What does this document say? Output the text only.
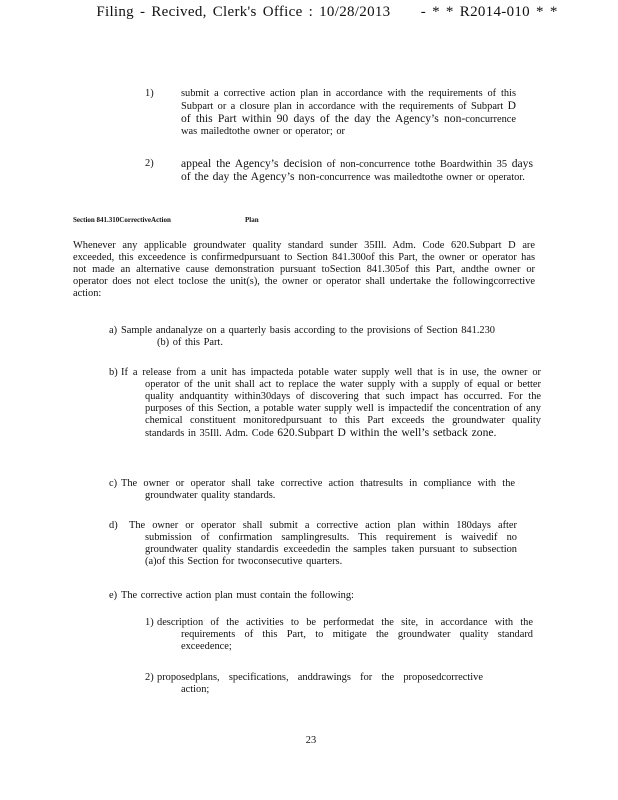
Filing - Recived, Clerk's Office : 10/28/2013 - * * R2014-010 * *
1)	submit a corrective action plan in accordance with the requirements of this Subpart or a closure plan in accordance with the requirements of Subpart D of this Part within 90 days of the day the Agency’s non-concurrence was mailedtothe owner or operator; or
2) appeal the Agency’s decision of non-concurrence tothe Boardwithin 35 days of the day the Agency’s non-concurrence was mailedtothe owner or operator.
Section 841.310CorrectiveAction	Plan
Whenever any applicable groundwater quality standard sunder 35Ill. Adm. Code 620.Subpart D are exceeded, this exceedence is confirmedpursuant to Section 841.300of this Part, the owner or operator has not made an alternative cause demonstration pursuant toSection 841.305of this Part, andthe owner or operator does not elect toclose the unit(s), the owner or operator shall undertake the followingcorrective action:
a) Sample andanalyze on a quarterly basis according to the provisions of Section 841.230 (b) of this Part.
b) If a release from a unit has impacteda potable water supply well that is in use, the owner or operator of the unit shall act to replace the water supply with a supply of equal or better quality andquantity within30days of discovering that such impact has occurred. For the purposes of this Section, a potable water supply well is impactedif the concentration of any chemical constituent monitoredpursuant to this Part exceeds the groundwater quality standards in 35Ill. Adm. Code 620.Subpart D within the well’s setback zone.
c) The owner or operator shall take corrective action thatresults in compliance with the groundwater quality standards.
d) The owner or operator shall submit a corrective action plan within 180days after submission of confirmation samplingresults. This requirement is waivedif no groundwater quality standardis exceededin the samples taken pursuant to subsection (a)of this Section for twoconsecutive quarters.
e) The corrective action plan must contain the following:
1) description of the activities to be performedat the site, in accordance with the requirements of this Part, to mitigate the groundwater quality standard exceedence;
2) proposedplans, specifications, anddrawings for the proposedcorrective action;
23
